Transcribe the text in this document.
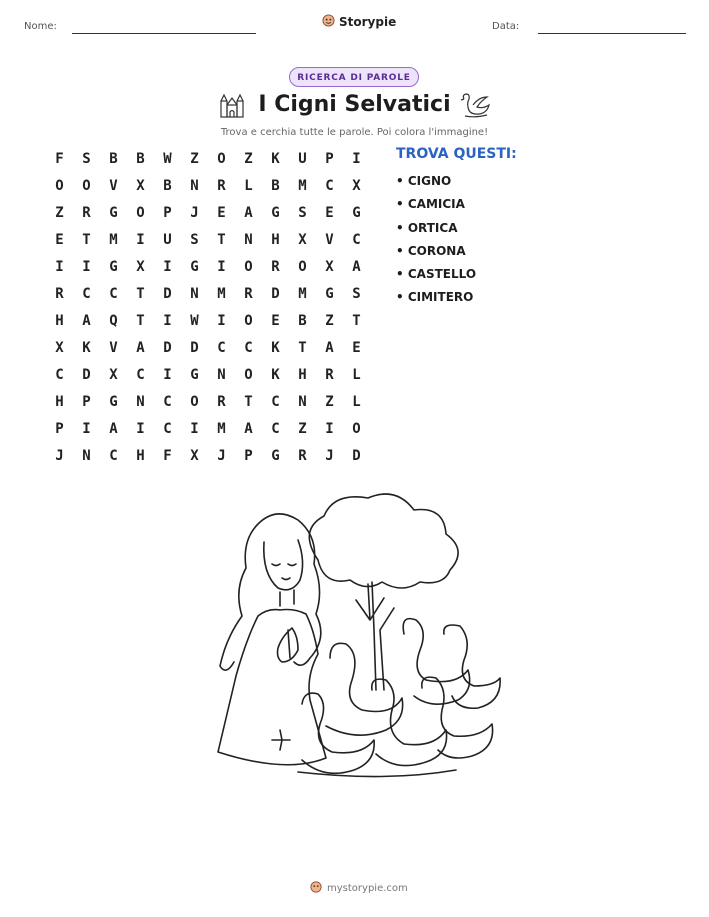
Nome:	Storypie	Data:
RICERCA DI PAROLE
I Cigni Selvatici
Trova e cerchia tutte le parole. Poi colora l'immagine!
F	S	B	B	W	Z	O	Z	K	U	P	I
O	O	V	X	B	N	R	L	B	M	C	X
Z	R	G	O	P	J	E	A	G	S	E	G
E	T	M	I	U	S	T	N	H	X	V	C
I	I	G	X	I	G	I	O	R	O	X	A
R	C	C	T	D	N	M	R	D	M	G	S
H	A	Q	T	I	W	I	O	E	B	Z	T
X	K	V	A	D	D	C	C	K	T	A	E
C	D	X	C	I	G	N	O	K	H	R	L
H	P	G	N	C	O	R	T	C	N	Z	L
P	I	A	I	C	I	M	A	C	Z	I	O
J	N	C	H	F	X	J	P	G	R	J	D
TROVA QUESTI:
• CIGNO
• CAMICIA
• ORTICA
• CORONA
• CASTELLO
• CIMITERO
mystorypie.com
